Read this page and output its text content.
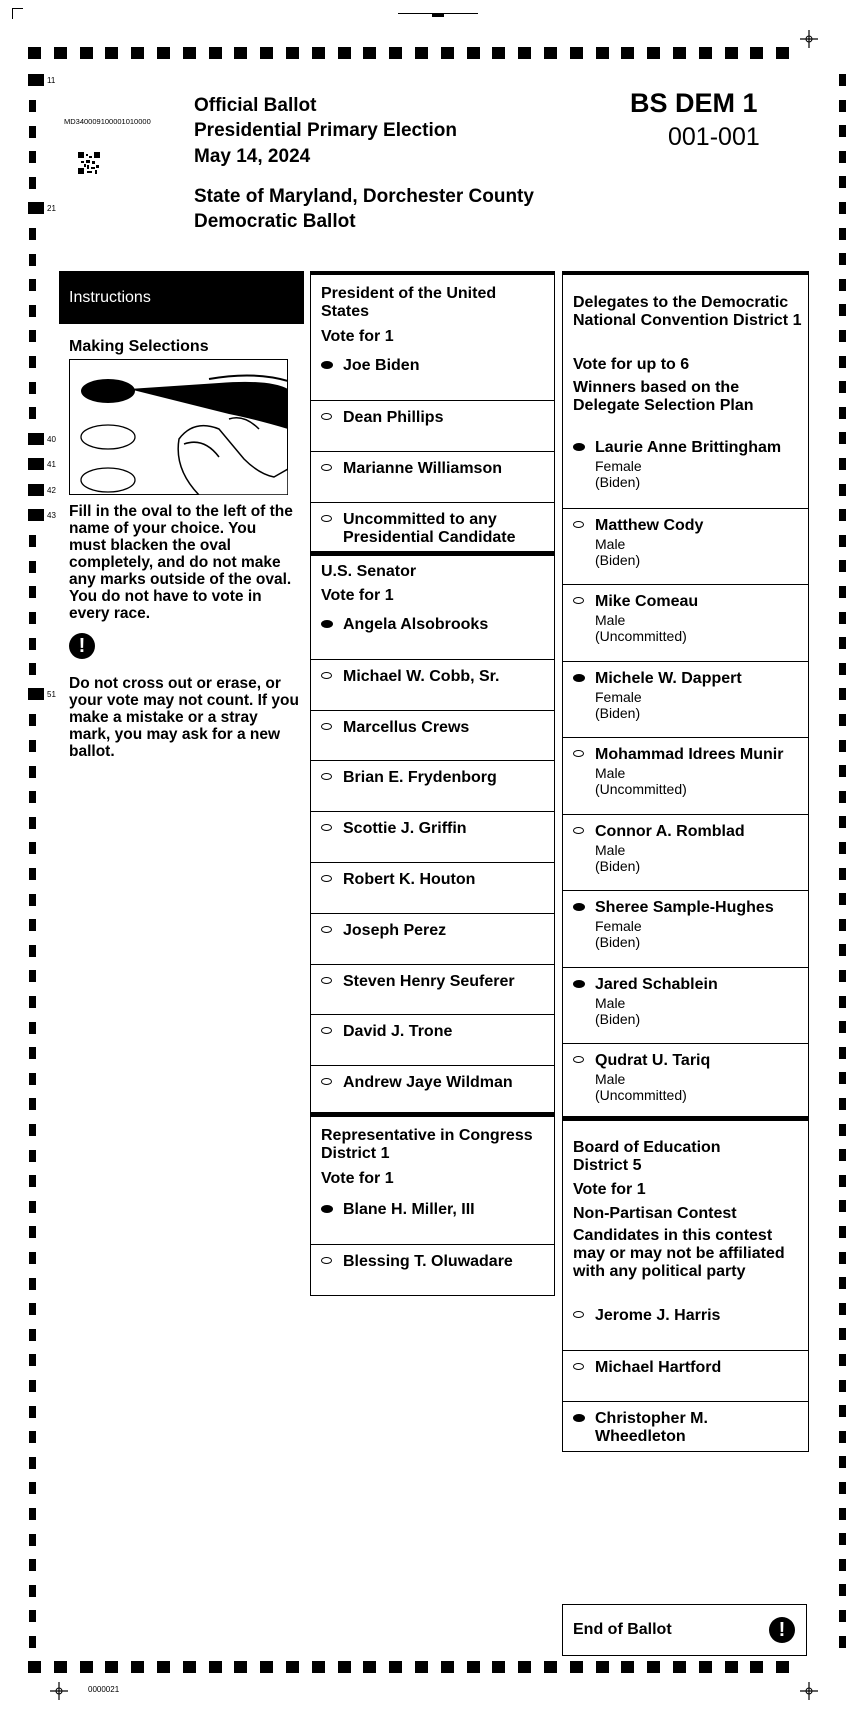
11
21
40
41
42
43
51
MD340009100001010000
Official Ballot
Presidential Primary Election
May 14, 2024
State of Maryland, Dorchester County
Democratic Ballot
BS DEM 1
001-001
Instructions
Making Selections
Fill in the oval to the left of the name of your choice. You must blacken the oval completely, and do not make any marks outside of the oval. You do not have to vote in every race.
!
Do not cross out or erase, or your vote may not count. If you make a mistake or a stray mark, you may ask for a new ballot.
President of the United States
Vote for 1
Joe Biden
Dean Phillips
Marianne Williamson
Uncommitted to any Presidential Candidate
U.S. Senator
Vote for 1
Angela Alsobrooks
Michael W. Cobb, Sr.
Marcellus Crews
Brian E. Frydenborg
Scottie J. Griffin
Robert K. Houton
Joseph Perez
Steven Henry Seuferer
David J. Trone
Andrew Jaye Wildman
Representative in Congress District 1
Vote for 1
Blane H. Miller, III
Blessing T. Oluwadare
Delegates to the Democratic National Convention District 1
Vote for up to 6
Winners based on the Delegate Selection Plan
Laurie Anne Brittingham
Female
(Biden)
Matthew Cody
Male
(Biden)
Mike Comeau
Male
(Uncommitted)
Michele W. Dappert
Female
(Biden)
Mohammad Idrees Munir
Male
(Uncommitted)
Connor A. Romblad
Male
(Biden)
Sheree Sample-Hughes
Female
(Biden)
Jared Schablein
Male
(Biden)
Qudrat U. Tariq
Male
(Uncommitted)
Board of Education District 5
Vote for 1
Non-Partisan Contest
Candidates in this contest may or may not be affiliated with any political party
Jerome J. Harris
Michael Hartford
Christopher M. Wheedleton
End of Ballot	!
0000021
